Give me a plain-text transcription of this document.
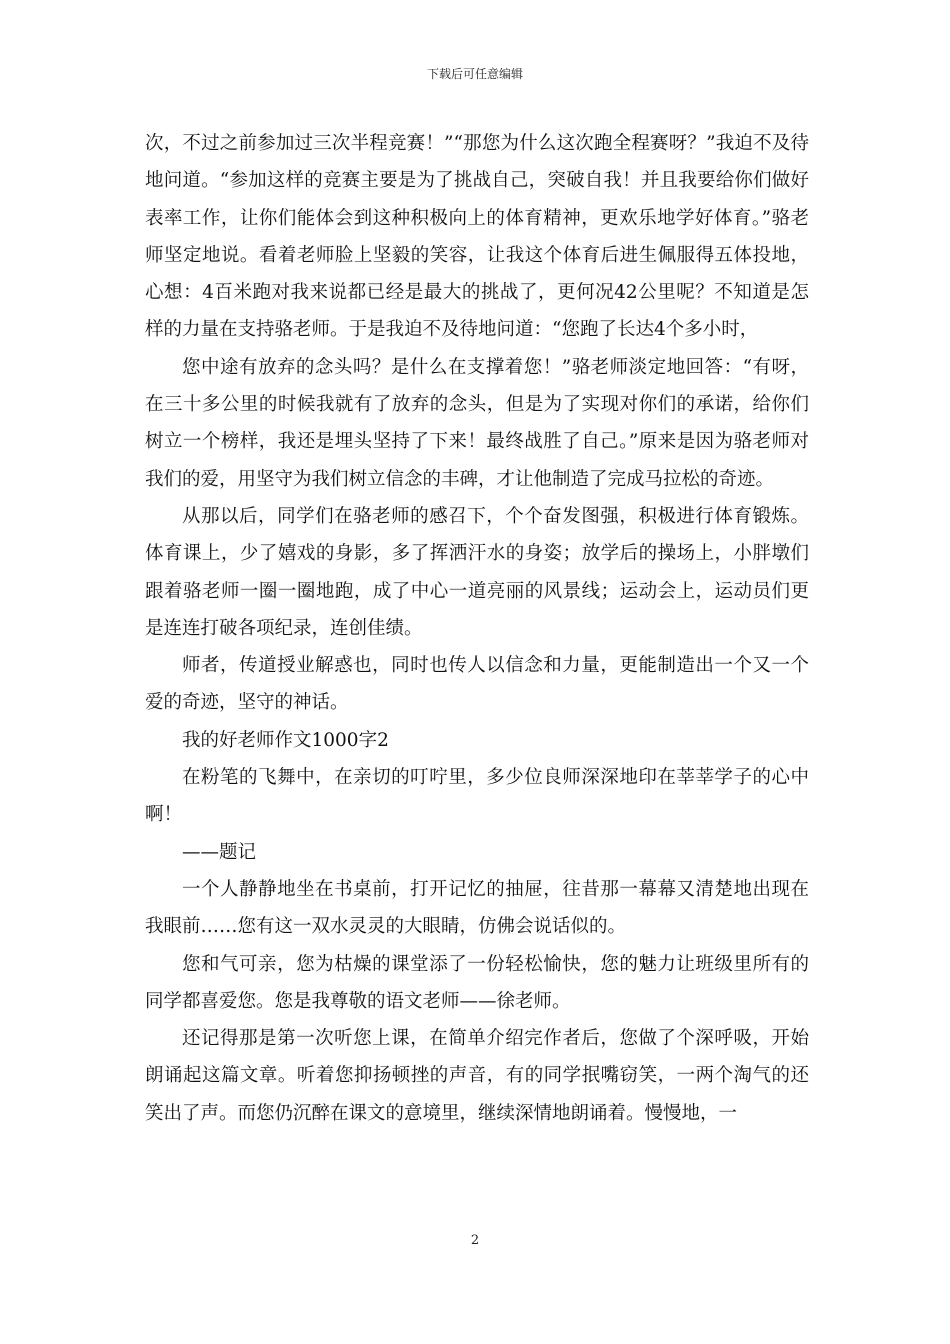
下载后可任意编辑

次，不过之前参加过三次半程竞赛！”“那您为什么这次跑全程赛呀？”我迫不及待地问道。“参加这样的竞赛主要是为了挑战自己，突破自我！并且我要给你们做好表率工作，让你们能体会到这种积极向上的体育精神，更欢乐地学好体育。”骆老师坚定地说。看着老师脸上坚毅的笑容，让我这个体育后进生佩服得五体投地，心想：4百米跑对我来说都已经是最大的挑战了，更何况42公里呢？不知道是怎样的力量在支持骆老师。于是我迫不及待地问道：“您跑了长达4个多小时，

您中途有放弃的念头吗？是什么在支撑着您！”骆老师淡定地回答：“有呀，在三十多公里的时候我就有了放弃的念头，但是为了实现对你们的承诺，给你们树立一个榜样，我还是埋头坚持了下来！最终战胜了自己。”原来是因为骆老师对我们的爱，用坚守为我们树立信念的丰碑，才让他制造了完成马拉松的奇迹。

从那以后，同学们在骆老师的感召下，个个奋发图强，积极进行体育锻炼。体育课上，少了嬉戏的身影，多了挥洒汗水的身姿；放学后的操场上，小胖墩们跟着骆老师一圈一圈地跑，成了中心一道亮丽的风景线；运动会上，运动员们更是连连打破各项纪录，连创佳绩。

师者，传道授业解惑也，同时也传人以信念和力量，更能制造出一个又一个爱的奇迹，坚守的神话。

我的好老师作文1000字2

在粉笔的飞舞中，在亲切的叮咛里，多少位良师深深地印在莘莘学子的心中啊！

——题记

一个人静静地坐在书桌前，打开记忆的抽屉，往昔那一幕幕又清楚地出现在我眼前……您有这一双水灵灵的大眼睛，仿佛会说话似的。

您和气可亲，您为枯燥的课堂添了一份轻松愉快，您的魅力让班级里所有的同学都喜爱您。您是我尊敬的语文老师——徐老师。

还记得那是第一次听您上课，在简单介绍完作者后，您做了个深呼吸，开始朗诵起这篇文章。听着您抑扬顿挫的声音，有的同学抿嘴窃笑，一两个淘气的还笑出了声。而您仍沉醉在课文的意境里，继续深情地朗诵着。慢慢地，一

2
